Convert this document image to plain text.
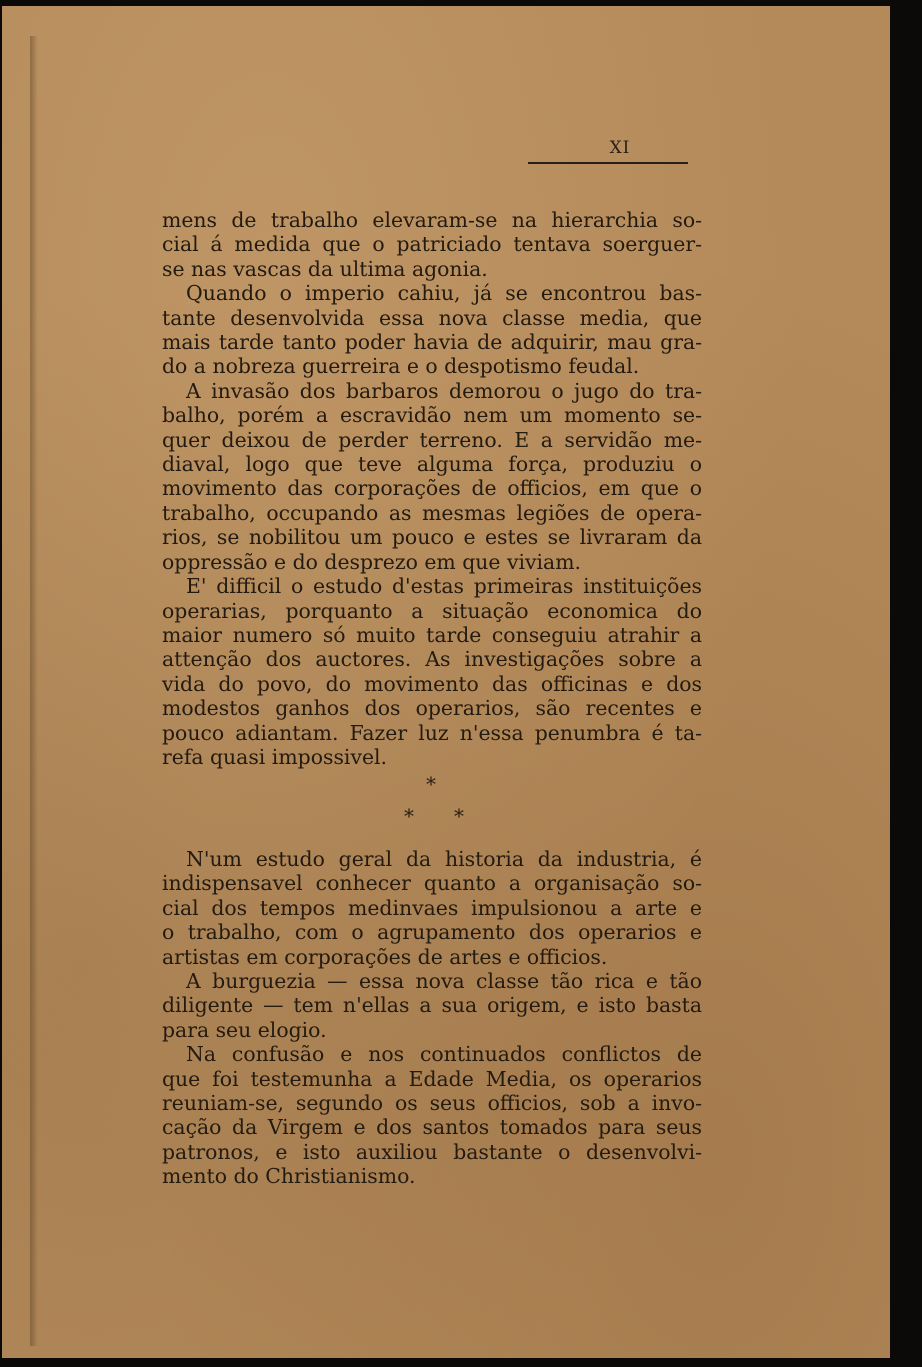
XI
mens de trabalho elevaram-se na hierarchia so-
cial á medida que o patriciado tentava soerguer-
se nas vascas da ultima agonia.
Quando o imperio cahiu, já se encontrou bas-
tante desenvolvida essa nova classe media, que
mais tarde tanto poder havia de adquirir, mau gra-
do a nobreza guerreira e o despotismo feudal.
A invasão dos barbaros demorou o jugo do tra-
balho, porém a escravidão nem um momento se-
quer deixou de perder terreno. E a servidão me-
diaval, logo que teve alguma força, produziu o
movimento das corporações de officios, em que o
trabalho, occupando as mesmas legiões de opera-
rios, se nobilitou um pouco e estes se livraram da
oppressão e do desprezo em que viviam.
E' difficil o estudo d'estas primeiras instituições
operarias, porquanto a situação economica do
maior numero só muito tarde conseguiu atrahir a
attenção dos auctores. As investigações sobre a
vida do povo, do movimento das officinas e dos
modestos ganhos dos operarios, são recentes e
pouco adiantam. Fazer luz n'essa penumbra é ta-
refa quasi impossivel.
*
* *
N'um estudo geral da historia da industria, é
indispensavel conhecer quanto a organisação so-
cial dos tempos medinvaes impulsionou a arte e
o trabalho, com o agrupamento dos operarios e
artistas em corporações de artes e officios.
A burguezia — essa nova classe tão rica e tão
diligente — tem n'ellas a sua origem, e isto basta
para seu elogio.
Na confusão e nos continuados conflictos de
que foi testemunha a Edade Media, os operarios
reuniam-se, segundo os seus officios, sob a invo-
cação da Virgem e dos santos tomados para seus
patronos, e isto auxiliou bastante o desenvolvi-
mento do Christianismo.
